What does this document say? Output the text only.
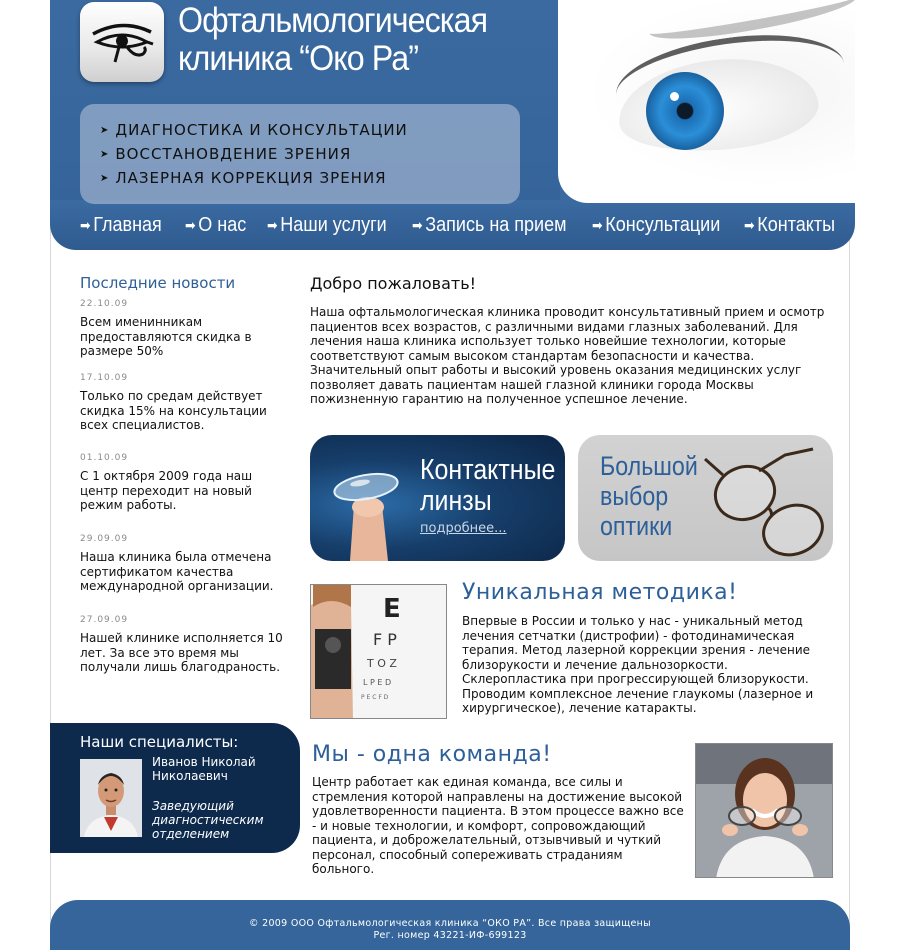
Офтальмологическая
клиника “Око Ра”
➤ ДИАГНОСТИКА И КОНСУЛЬТАЦИИ
➤ ВОССТАНОВДЕНИЕ ЗРЕНИЯ
➤ ЛАЗЕРНАЯ КОРРЕКЦИЯ ЗРЕНИЯ
➡ Главная ➡ О нас ➡ Наши услуги ➡ Запись на прием ➡ Консультации ➡ Контакты
Последние новости
22.10.09
Всем именинникам предоставляются скидка в размере 50%
17.10.09
Только по средам действует скидка 15% на консультации всех специалистов.
01.10.09
С 1 октября 2009 года наш центр переходит на новый режим работы.
29.09.09
Наша клиника была отмечена сертификатом качества международной организации.
27.09.09
Нашей клинике исполняется 10 лет. За все это время мы получали лишь благодраность.
Наши специалисты:
Иванов Николай
Николаевич
Заведующий диагностическим отделением
Добро пожаловать!
Наша офтальмологическая клиника проводит консультативный прием и осмотр пациентов всех возрастов, с различными видами глазных заболеваний. Для лечения наша клиника использует только новейшие технологии, которые соответствуют самым высоком стандартам безопасности и качества. Значительный опыт работы и высокий уровень оказания медицинских услуг позволяет давать пациентам нашей глазной клиники города Москвы пожизненную гарантию на полученное успешное лечение.
Контактные
линзы
подробнее...
Большой
выбор
оптики
E
F P
T O Z
L P E D
P E C F D
Уникальная методика!
Впервые в России и только у нас - уникальный метод лечения сетчатки (дистрофии) - фотодинамическая терапия. Метод лазерной коррекции зрения - лечение близорукости и лечение дальнозоркости. Склеропластика при прогрессирующей близорукости. Проводим комплексное лечение глаукомы (лазерное и хирургическое), лечение катаракты.
Мы - одна команда!
Центр работает как единая команда, все силы и стремления которой направлены на достижение высокой удовлетворенности пациента. В этом процессе важно все - и новые технологии, и комфорт, сопровождающий пациента, и доброжелательный, отзывчивый и чуткий персонал, способный сопереживать страданиям больного.
© 2009 ООО Офтальмологическая клиника “ОКО РА”. Все права защищены
Рег. номер 43221-ИФ-699123
